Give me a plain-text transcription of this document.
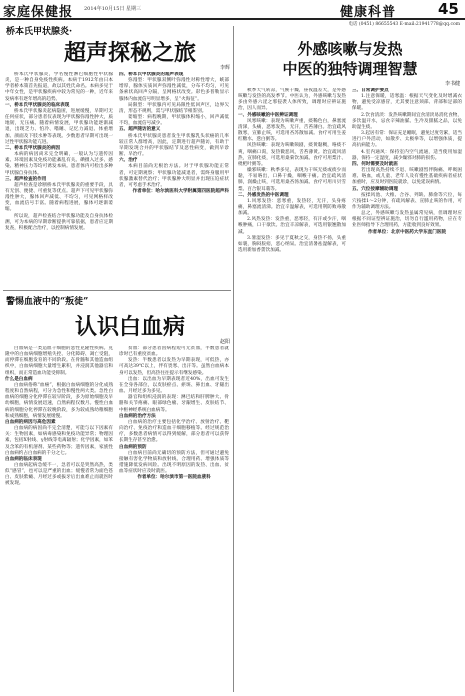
家庭保健报 2014年10月15日 星期三	健康科普	45
电话 (0451) 86655543 E-mail:21941778@qq.com
桥本氏甲状腺炎·
超声探秘之旅
李辉

桥本氏甲状腺炎，学名慢性淋巴细胞性甲状腺炎，是一种自身免疫性疾病。本病于1912年由日本学者桥本策首先报道，故以其姓氏命名。本病多见于中年女性，是甲状腺疾病中较为常见的一种，近年来发病率有逐年增高的趋势。

一、桥本氏甲状腺炎的临床表现

桥本氏甲状腺炎起病隐匿，进展缓慢，早期可无任何症状，部分患者仅表现为甲状腺弥漫性肿大，质地韧，无压痛。随着病情发展，甲状腺功能逐渐减退，出现乏力、怕冷、嗜睡、记忆力减退、体重增加、颜面及下肢水肿等表现。少数患者早期可出现一过性甲状腺功能亢进。

二、桥本氏甲状腺炎的病因

本病的病因尚未完全明确，一般认为与遗传因素、环境因素及免疫功能紊乱有关。碘摄入过多、感染、精神压力等均可诱发本病。患者体内可检出多种甲状腺自身抗体。

三、超声检查的作用

超声检查是诊断桥本氏甲状腺炎的重要手段，具有无创、便捷、可重复等优点。超声下可见甲状腺弥漫性肿大，腺体回声减低、不均匀，可见网格样改变，血流信号丰富。随着病程进展，腺体可逐渐萎缩。

所以说，超声检查结合甲状腺功能及自身抗体检测，可为本病的早期诊断提供可靠依据，患者应定期复查，积极配合治疗，以控制病情发展。

四、桥本氏甲状腺炎的超声表现

弥漫型：甲状腺双侧叶弥漫性对称性增大，峡部增厚，腺体实质回声弥漫性减低，分布不均匀，可见条索状高回声分隔，呈网格状改变。彩色多普勒显示腺体内血流信号明显增多，呈“火海征”。

局限型：甲状腺内可见局限性低回声区，边界欠清，形态不规则，需与甲状腺结节相鉴别。

萎缩型：病程晚期，甲状腺体积缩小，回声减低不均，血流信号减少。

五、超声随访的意义

桥本氏甲状腺炎患者发生甲状腺乳头状癌的几率较正常人群增高，因此，定期进行超声随访，有助于早期发现合并的甲状腺结节及恶性病变，做到早诊断、早治疗。

六、治疗

本病目前尚无根治方法。对于甲状腺功能正常者，可定期观察；甲状腺功能减退者，需终身服用甲状腺激素替代治疗；甲状腺肿大明显并出现压迫症状者，可考虑手术治疗。

作者单位：哈尔滨医科大学附属第四医院超声科

警惕血液中的“叛徒”
认识白血病
赵阳

白血病是一类造血干细胞的恶性克隆性疾病。克隆中的白血病细胞增殖失控、分化障碍、凋亡受阻，而停滞在细胞发育的不同阶段。在骨髓和其他造血组织中，白血病细胞大量增生累积，并浸润其他器官和组织，而正常造血功能受抑制。

什么是白血病

白血病俗称“血癌”，根据白血病细胞的分化成熟程度和自然病程，可分为急性和慢性两大类。急性白血病的细胞分化停滞在较早阶段，多为原始细胞及早幼细胞，病情发展迅速，自然病程仅数月。慢性白血病的细胞分化停滞在较晚阶段，多为较成熟幼稚细胞和成熟细胞，病情发展缓慢。

白血病的病因与高危因素

白血病的病因尚不完全清楚，可能与以下因素有关：生物因素，如病毒感染和免疫功能异常；物理因素，包括X射线、γ射线等电离辐射；化学因素，如苯及含苯的有机溶剂、某些药物等；遗传因素，家族性白血病约占白血病的千分之七。

白血病的临床表现

白血病起病急缓不一，急者可以是突然高热，类似“感冒”，也可以是严重的出血；缓慢者常为面色苍白、皮肤紫癜、月经过多或拔牙后出血难止而就医时被发现。

贫血：部分患者因病程短可无贫血，半数患者就诊时已有重度贫血。

发热：半数患者以发热为早期表现，可低热，亦可高达39℃以上，伴有畏寒、出汗等。虽然白血病本身可以发热，但高热往往提示有继发感染。

出血：以出血为早期表现者近40%，出血可发生在全身各部位，以皮肤瘀点、瘀斑、鼻出血、牙龈出血、月经过多为多见。

器官和组织浸润的表现：淋巴结和肝脾肿大、骨骼和关节疼痛、眼部绿色瘤、牙龈增生、皮肤结节、中枢神经系统白血病等。

白血病的治疗方法

白血病的治疗主要包括化学治疗、放射治疗、靶向治疗、免疫治疗和造血干细胞移植等。经过规范治疗，多数患者病情可以得到缓解，部分患者可以获得长期生存甚至治愈。

白血病的预防

白血病目前尚无确切的预防方法，但可通过避免接触有害化学物质和放射线、合理用药、增强体质等措施降低发病风险。出现不明原因的发热、出血、贫血等症状时应及时就医。

作者单位：哈尔滨市第一医院血液科

外感咳嗽与发热
中医的独特调理智慧
李书健

秋季天气转凉，气候干燥，昼夜温差大，是外感咳嗽与发热的高发季节。中医认为，外感咳嗽与发热多由外感六淫之邪侵袭人体所致，调理时应辨证施治，因人而异。

一、外感咳嗽的中医辨证调理

风寒咳嗽：表现为咳嗽声重，痰稀色白，鼻塞流清涕，头痛，恶寒发热，无汗，舌苔薄白。治宜疏风散寒，宣肺止咳，可选用杏苏散加减。食疗可用生姜红糖水、葱白粥等。

风热咳嗽：表现为咳嗽频剧，痰黄黏稠，咯痰不爽，咽痛口渴，发热微恶风，舌苔薄黄。治宜疏风清热，宣肺化痰，可选用桑菊饮加减。食疗可用梨汁、枇杷叶粥等。

燥邪咳嗽：秋季多见，表现为干咳无痰或痰少而黏，不易咯出，口鼻干燥，咽喉干痛。治宜疏风清肺，润燥止咳，可选用桑杏汤加减。食疗可用川贝雪梨、百合银耳羹等。

二、外感发热的中医调理

1.风寒发热：恶寒重，发热轻，无汗，头身疼痛，鼻塞流清涕。治宜辛温解表，可选用荆防败毒散加减。

2.风热发热：发热重，恶寒轻，有汗或少汗，咽喉肿痛，口干欲饮。治宜辛凉解表，可选用银翘散加减。

3.暑湿发热：多见于夏秋之交，身热不扬，头重如裹，胸闷脘痞，恶心纳呆。治宜清暑祛湿解表，可选用新加香薷饮加减。

三、日常调护要点

1.注意保暖，适寒温：根据天气变化及时增减衣物，避免受凉感冒，尤其要注意颈部、背部和足部的保暖。

2.饮食清淡：发热咳嗽期间宜食清淡易消化食物，多饮温开水，忌食辛辣油腻、生冷及甜腻之品，以免助湿生痰。

3.起居有常：保证充足睡眠，避免过度劳累，适当进行户外活动，如散步、太极拳等，以增强体质，提高抗病能力。

4.室内通风：保持室内空气流通，适当使用加湿器，保持一定湿度，减少燥邪对肺的损伤。

四、何时需要及时就医

若出现高热持续不退、咳嗽剧烈伴胸痛、呼吸困难、咯血，或儿童、老年人及有慢性基础疾病者症状加重时，应及时到医院就诊，以免延误病情。

五、穴位按摩辅助调理

按揉风池、大椎、合谷、列缺、肺俞等穴位，每穴按揉1～2分钟，有疏风解表、宣肺止咳的作用，可作为辅助调理方法。

总之，外感咳嗽与发热虽属常见病，但调理时应根据不同证型辨证施治，切勿自行滥用药物，应在专业医师指导下合理用药，方能收到良好效果。

作者单位：北京中医药大学东直门医院
